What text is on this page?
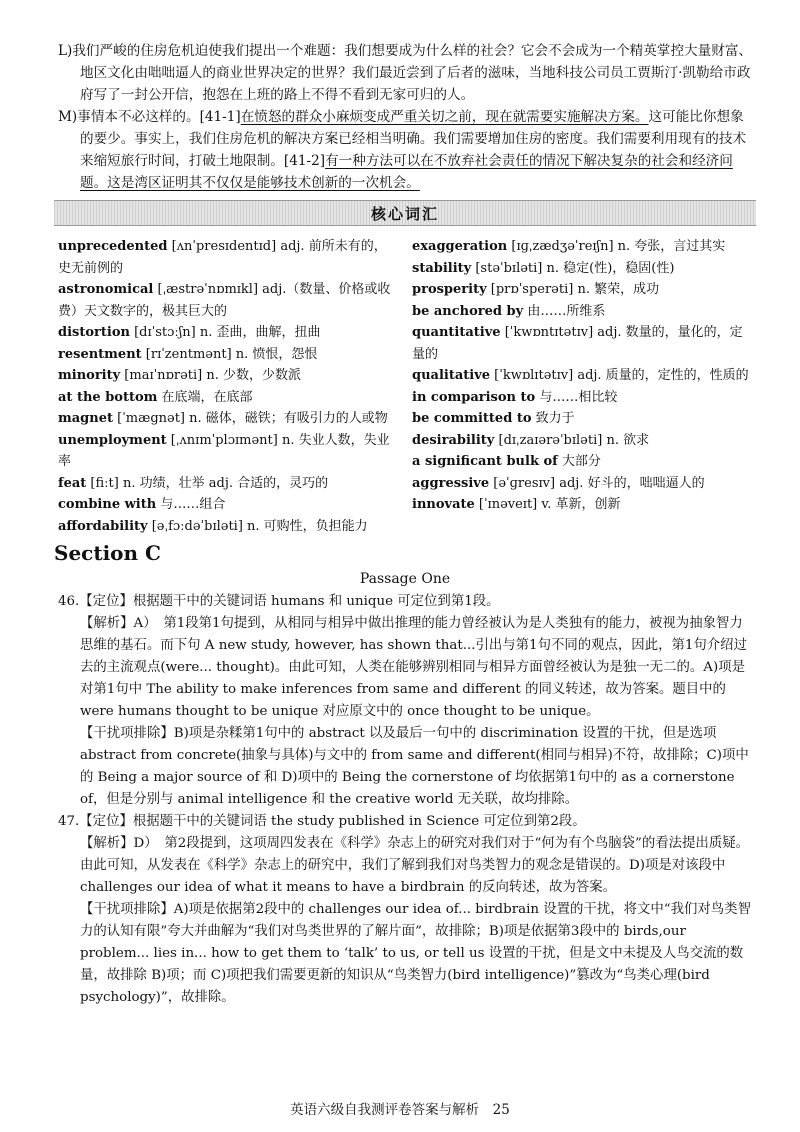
L)我们严峻的住房危机迫使我们提出一个难题：我们想要成为什么样的社会？它会不会成为一个精英掌控大量财富、地区文化由咄咄逼人的商业世界决定的世界？我们最近尝到了后者的滋味，当地科技公司员工贾斯汀·凯勒给市政府写了一封公开信，抱怨在上班的路上不得不看到无家可归的人。
M)事情本不必这样的。[41-1]在愤怒的群众小麻烦变成严重关切之前，现在就需要实施解决方案。这可能比你想象的要少。事实上，我们住房危机的解决方案已经相当明确。我们需要增加住房的密度。我们需要利用现有的技术来缩短旅行时间，打破土地限制。[41-2]有一种方法可以在不放弃社会责任的情况下解决复杂的社会和经济问题。这是湾区证明其不仅仅是能够技术创新的一次机会。
核心词汇
unprecedented [ʌnˈpresɪdentɪd] adj. 前所未有的，史无前例的
astronomical [ˌæstrəˈnɒmɪkl] adj.（数量、价格或收费）天文数字的，极其巨大的
distortion [dɪˈstɔːʃn] n. 歪曲，曲解，扭曲
resentment [rɪˈzentmənt] n. 愤恨，怨恨
minority [maɪˈnɒrəti] n. 少数，少数派
at the bottom 在底端，在底部
magnet [ˈmægnət] n. 磁体，磁铁；有吸引力的人或物
unemployment [ˌʌnɪmˈplɔɪmənt] n. 失业人数，失业率
feat [fiːt] n. 功绩，壮举 adj. 合适的，灵巧的
combine with 与……组合
affordability [əˌfɔːdəˈbɪləti] n. 可购性，负担能力
exaggeration [ɪɡˌzædʒəˈreɪʃn] n. 夸张，言过其实
stability [stəˈbɪləti] n. 稳定(性)，稳固(性)
prosperity [prɒˈsperəti] n. 繁荣，成功
be anchored by 由……所维系
quantitative [ˈkwɒntɪtətɪv] adj. 数量的，量化的，定量的
qualitative [ˈkwɒlɪtətɪv] adj. 质量的，定性的，性质的
in comparison to 与……相比较
be committed to 致力于
desirability [dɪˌzaɪərəˈbɪləti] n. 欲求
a significant bulk of 大部分
aggressive [əˈɡresɪv] adj. 好斗的，咄咄逼人的
innovate [ˈɪnəveɪt] v. 革新，创新
Section C
Passage One

46.【定位】根据题干中的关键词语 humans 和 unique 可定位到第1段。

【解析】A）　第1段第1句提到，从相同与相异中做出推理的能力曾经被认为是人类独有的能力，被视为抽象智力思维的基石。而下句 A new study, however, has shown that...引出与第1句不同的观点，因此，第1句介绍过去的主流观点(were... thought)。由此可知，人类在能够辨别相同与相异方面曾经被认为是独一无二的。A)项是对第1句中 The ability to make inferences from same and different 的同义转述，故为答案。题目中的 were humans thought to be unique 对应原文中的 once thought to be unique。

【干扰项排除】B)项是杂糅第1句中的 abstract 以及最后一句中的 discrimination 设置的干扰，但是选项 abstract from concrete(抽象与具体)与文中的 from same and different(相同与相异)不符，故排除；C)项中的 Being a major source of 和 D)项中的 Being the cornerstone of 均依据第1句中的 as a cornerstone of，但是分别与 animal intelligence 和 the creative world 无关联，故均排除。

47.【定位】根据题干中的关键词语 the study published in Science 可定位到第2段。

【解析】D）　第2段提到，这项周四发表在《科学》杂志上的研究对我们对于“何为有个鸟脑袋”的看法提出质疑。由此可知，从发表在《科学》杂志上的研究中，我们了解到我们对鸟类智力的观念是错误的。D)项是对该段中 challenges our idea of what it means to have a birdbrain 的反向转述，故为答案。

【干扰项排除】A)项是依据第2段中的 challenges our idea of... birdbrain 设置的干扰，将文中“我们对鸟类智力的认知有限”夸大并曲解为“我们对鸟类世界的了解片面”，故排除；B)项是依据第3段中的 birds,our problem... lies in... how to get them to ‘talk’ to us, or tell us 设置的干扰，但是文中未提及人鸟交流的数量，故排除 B)项；而 C)项把我们需要更新的知识从“鸟类智力(bird intelligence)”篡改为“鸟类心理(bird psychology)”，故排除。

英语六级自我测评卷答案与解析　25
